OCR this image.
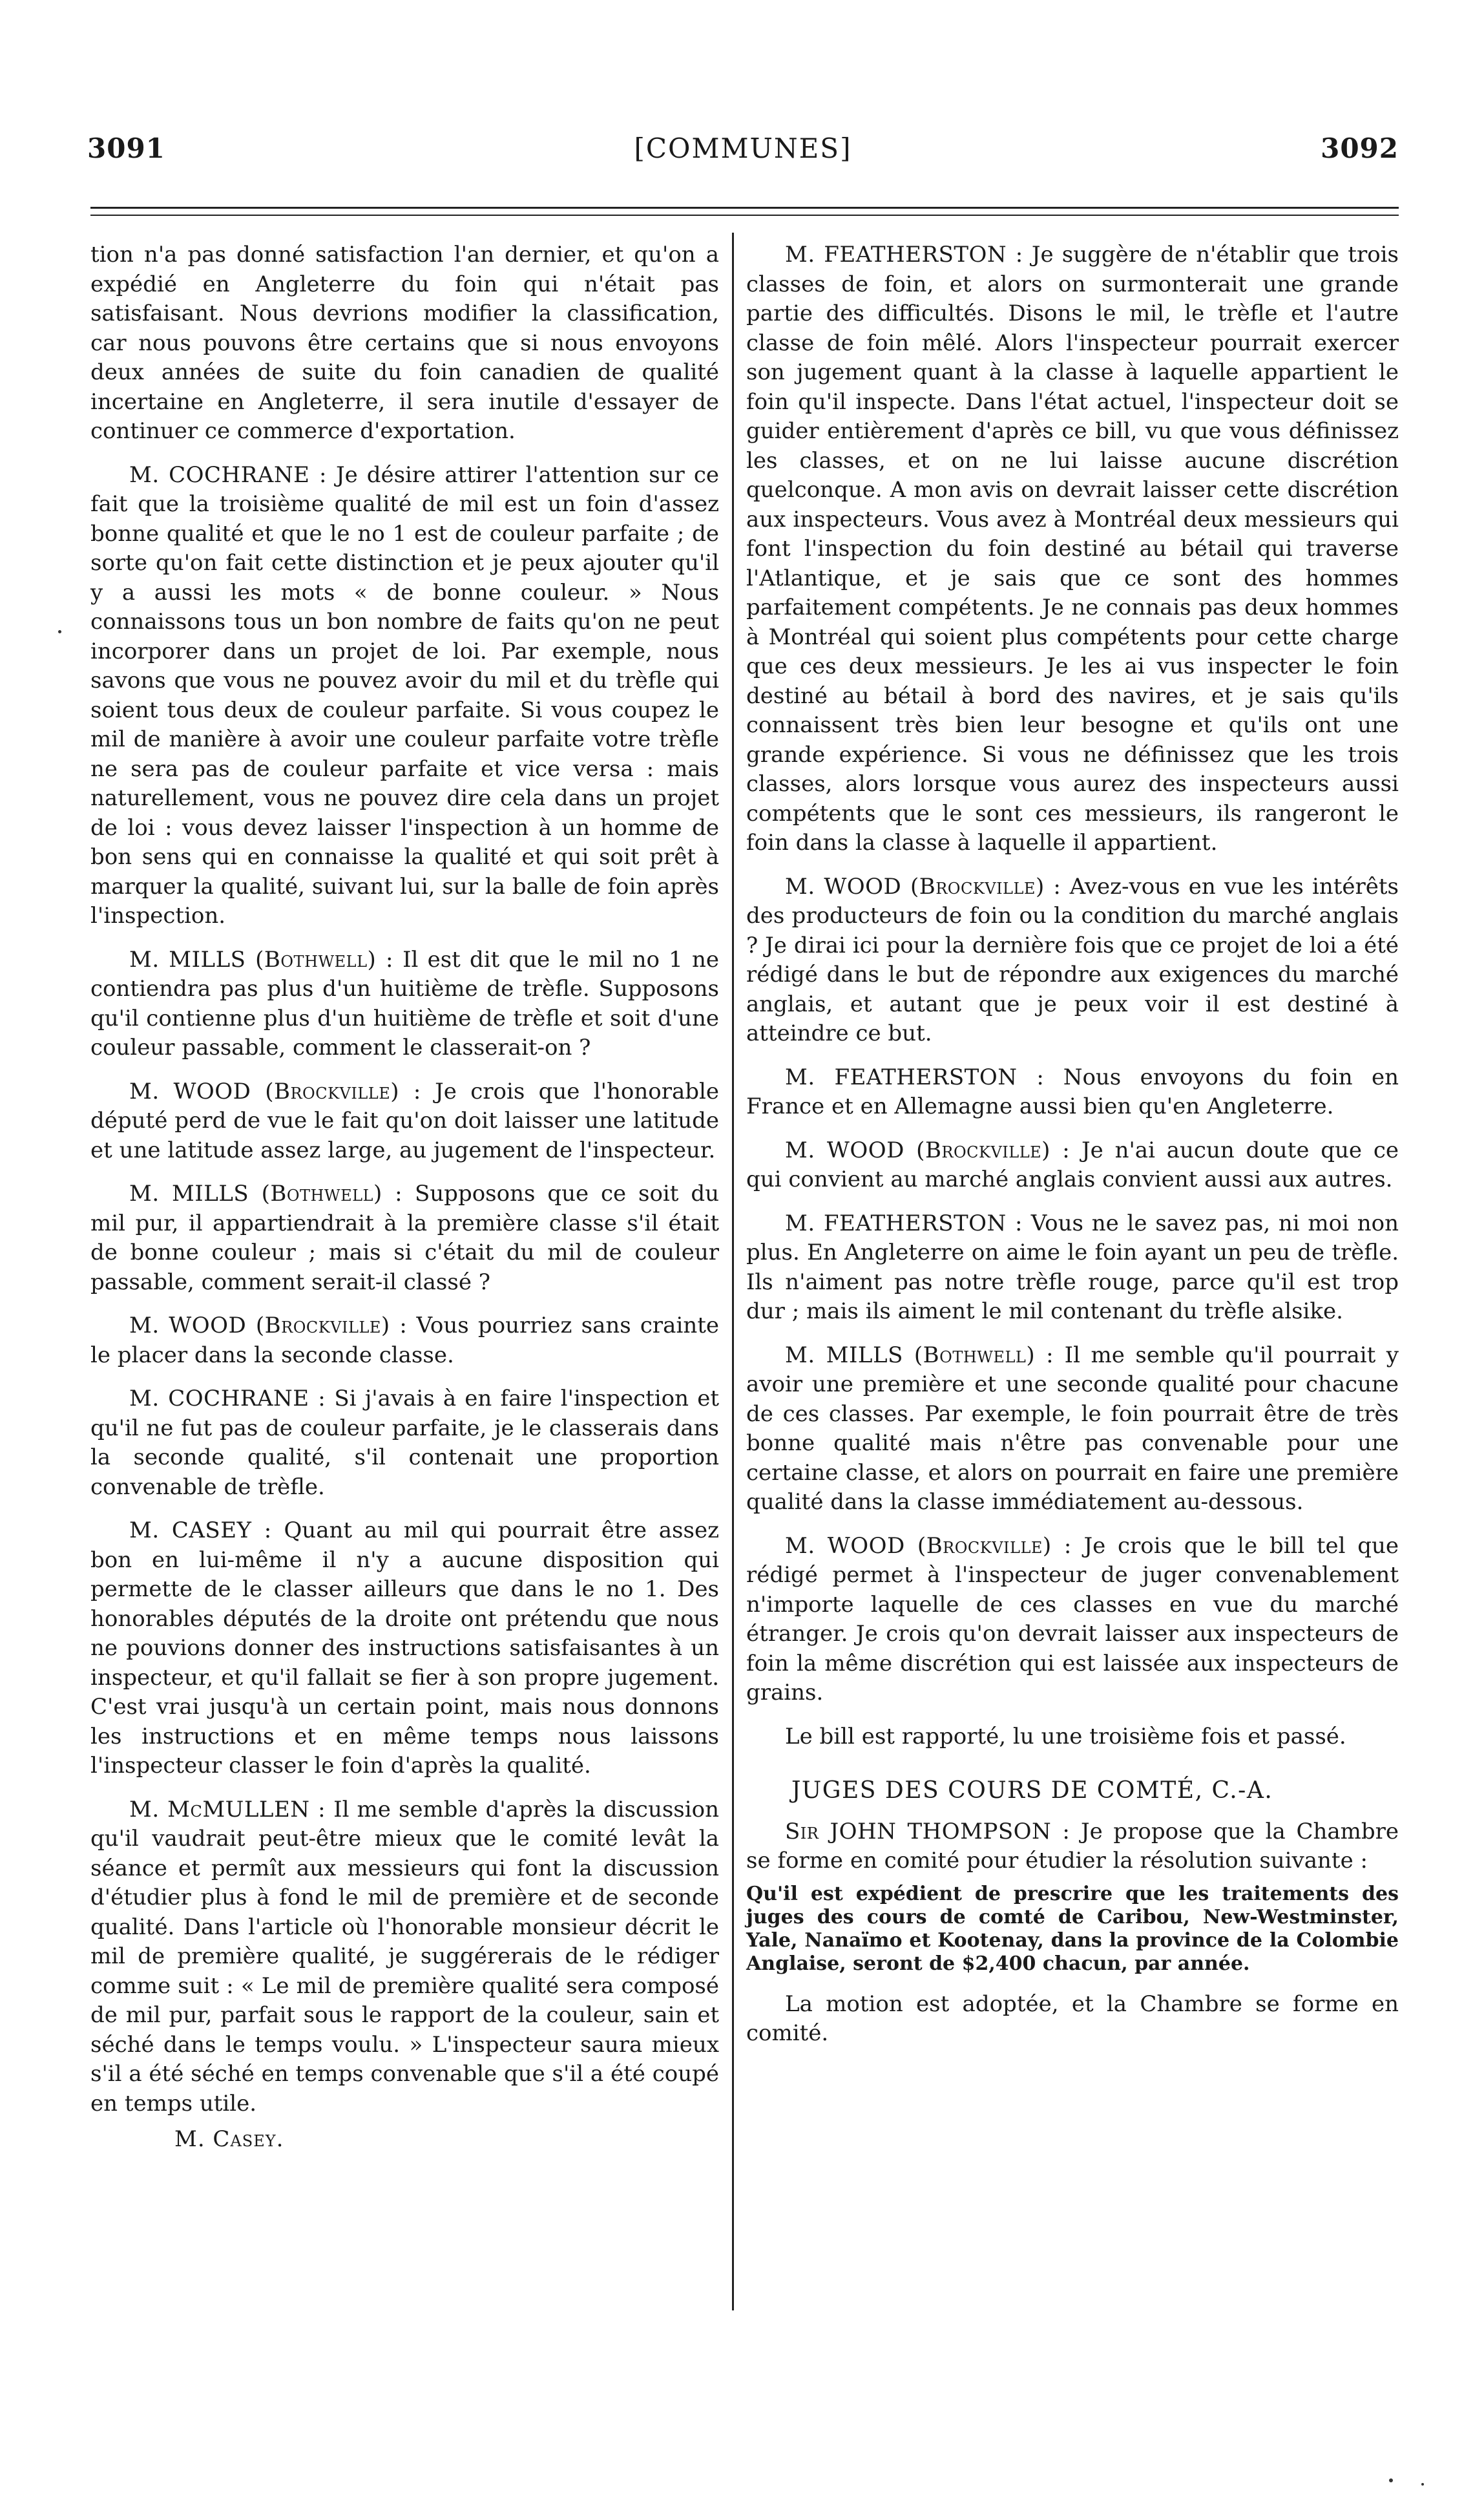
3091	[COMMUNES]	3092

tion n'a pas donné satisfaction l'an dernier, et qu'on a expédié en Angleterre du foin qui n'était pas satisfaisant. Nous devrions modifier la classification, car nous pouvons être certains que si nous envoyons deux années de suite du foin canadien de qualité incertaine en Angleterre, il sera inutile d'essayer de continuer ce commerce d'exportation.

M. COCHRANE : Je désire attirer l'attention sur ce fait que la troisième qualité de mil est un foin d'assez bonne qualité et que le no 1 est de couleur parfaite ; de sorte qu'on fait cette distinction et je peux ajouter qu'il y a aussi les mots « de bonne couleur. » Nous connaissons tous un bon nombre de faits qu'on ne peut incorporer dans un projet de loi. Par exemple, nous savons que vous ne pouvez avoir du mil et du trèfle qui soient tous deux de couleur parfaite. Si vous coupez le mil de manière à avoir une couleur parfaite votre trèfle ne sera pas de couleur parfaite et vice versa : mais naturellement, vous ne pouvez dire cela dans un projet de loi : vous devez laisser l'inspection à un homme de bon sens qui en connaisse la qualité et qui soit prêt à marquer la qualité, suivant lui, sur la balle de foin après l'inspection.

M. MILLS (Bothwell) : Il est dit que le mil no 1 ne contiendra pas plus d'un huitième de trèfle. Supposons qu'il contienne plus d'un huitième de trèfle et soit d'une couleur passable, comment le classerait-on ?

M. WOOD (Brockville) : Je crois que l'honorable député perd de vue le fait qu'on doit laisser une latitude et une latitude assez large, au jugement de l'inspecteur.

M. MILLS (Bothwell) : Supposons que ce soit du mil pur, il appartiendrait à la première classe s'il était de bonne couleur ; mais si c'était du mil de couleur passable, comment serait-il classé ?

M. WOOD (Brockville) : Vous pourriez sans crainte le placer dans la seconde classe.

M. COCHRANE : Si j'avais à en faire l'inspection et qu'il ne fut pas de couleur parfaite, je le classerais dans la seconde qualité, s'il contenait une proportion convenable de trèfle.

M. CASEY : Quant au mil qui pourrait être assez bon en lui-même il n'y a aucune disposition qui permette de le classer ailleurs que dans le no 1. Des honorables députés de la droite ont prétendu que nous ne pouvions donner des instructions satisfaisantes à un inspecteur, et qu'il fallait se fier à son propre jugement. C'est vrai jusqu'à un certain point, mais nous donnons les instructions et en même temps nous laissons l'inspecteur classer le foin d'après la qualité.

M. McMULLEN : Il me semble d'après la discussion qu'il vaudrait peut-être mieux que le comité levât la séance et permît aux messieurs qui font la discussion d'étudier plus à fond le mil de première et de seconde qualité. Dans l'article où l'honorable monsieur décrit le mil de première qualité, je suggérerais de le rédiger comme suit : « Le mil de première qualité sera composé de mil pur, parfait sous le rapport de la couleur, sain et séché dans le temps voulu. » L'inspecteur saura mieux s'il a été séché en temps convenable que s'il a été coupé en temps utile.

M. Casey.

M. FEATHERSTON : Je suggère de n'établir que trois classes de foin, et alors on surmonterait une grande partie des difficultés. Disons le mil, le trèfle et l'autre classe de foin mêlé. Alors l'inspecteur pourrait exercer son jugement quant à la classe à laquelle appartient le foin qu'il inspecte. Dans l'état actuel, l'inspecteur doit se guider entièrement d'après ce bill, vu que vous définissez les classes, et on ne lui laisse aucune discrétion quelconque. A mon avis on devrait laisser cette discrétion aux inspecteurs. Vous avez à Montréal deux messieurs qui font l'inspection du foin destiné au bétail qui traverse l'Atlantique, et je sais que ce sont des hommes parfaitement compétents. Je ne connais pas deux hommes à Montréal qui soient plus compétents pour cette charge que ces deux messieurs. Je les ai vus inspecter le foin destiné au bétail à bord des navires, et je sais qu'ils connaissent très bien leur besogne et qu'ils ont une grande expérience. Si vous ne définissez que les trois classes, alors lorsque vous aurez des inspecteurs aussi compétents que le sont ces messieurs, ils rangeront le foin dans la classe à laquelle il appartient.

M. WOOD (Brockville) : Avez-vous en vue les intérêts des producteurs de foin ou la condition du marché anglais ? Je dirai ici pour la dernière fois que ce projet de loi a été rédigé dans le but de répondre aux exigences du marché anglais, et autant que je peux voir il est destiné à atteindre ce but.

M. FEATHERSTON : Nous envoyons du foin en France et en Allemagne aussi bien qu'en Angleterre.

M. WOOD (Brockville) : Je n'ai aucun doute que ce qui convient au marché anglais convient aussi aux autres.

M. FEATHERSTON : Vous ne le savez pas, ni moi non plus. En Angleterre on aime le foin ayant un peu de trèfle. Ils n'aiment pas notre trèfle rouge, parce qu'il est trop dur ; mais ils aiment le mil contenant du trèfle alsike.

M. MILLS (Bothwell) : Il me semble qu'il pourrait y avoir une première et une seconde qualité pour chacune de ces classes. Par exemple, le foin pourrait être de très bonne qualité mais n'être pas convenable pour une certaine classe, et alors on pourrait en faire une première qualité dans la classe immédiatement au-dessous.

M. WOOD (Brockville) : Je crois que le bill tel que rédigé permet à l'inspecteur de juger convenablement n'importe laquelle de ces classes en vue du marché étranger. Je crois qu'on devrait laisser aux inspecteurs de foin la même discrétion qui est laissée aux inspecteurs de grains.

Le bill est rapporté, lu une troisième fois et passé.

JUGES DES COURS DE COMTÉ, C.-A.

Sir JOHN THOMPSON : Je propose que la Chambre se forme en comité pour étudier la résolution suivante :

Qu'il est expédient de prescrire que les traitements des juges des cours de comté de Caribou, New-Westminster, Yale, Nanaïmo et Kootenay, dans la province de la Colombie Anglaise, seront de $2,400 chacun, par année.

La motion est adoptée, et la Chambre se forme en comité.
